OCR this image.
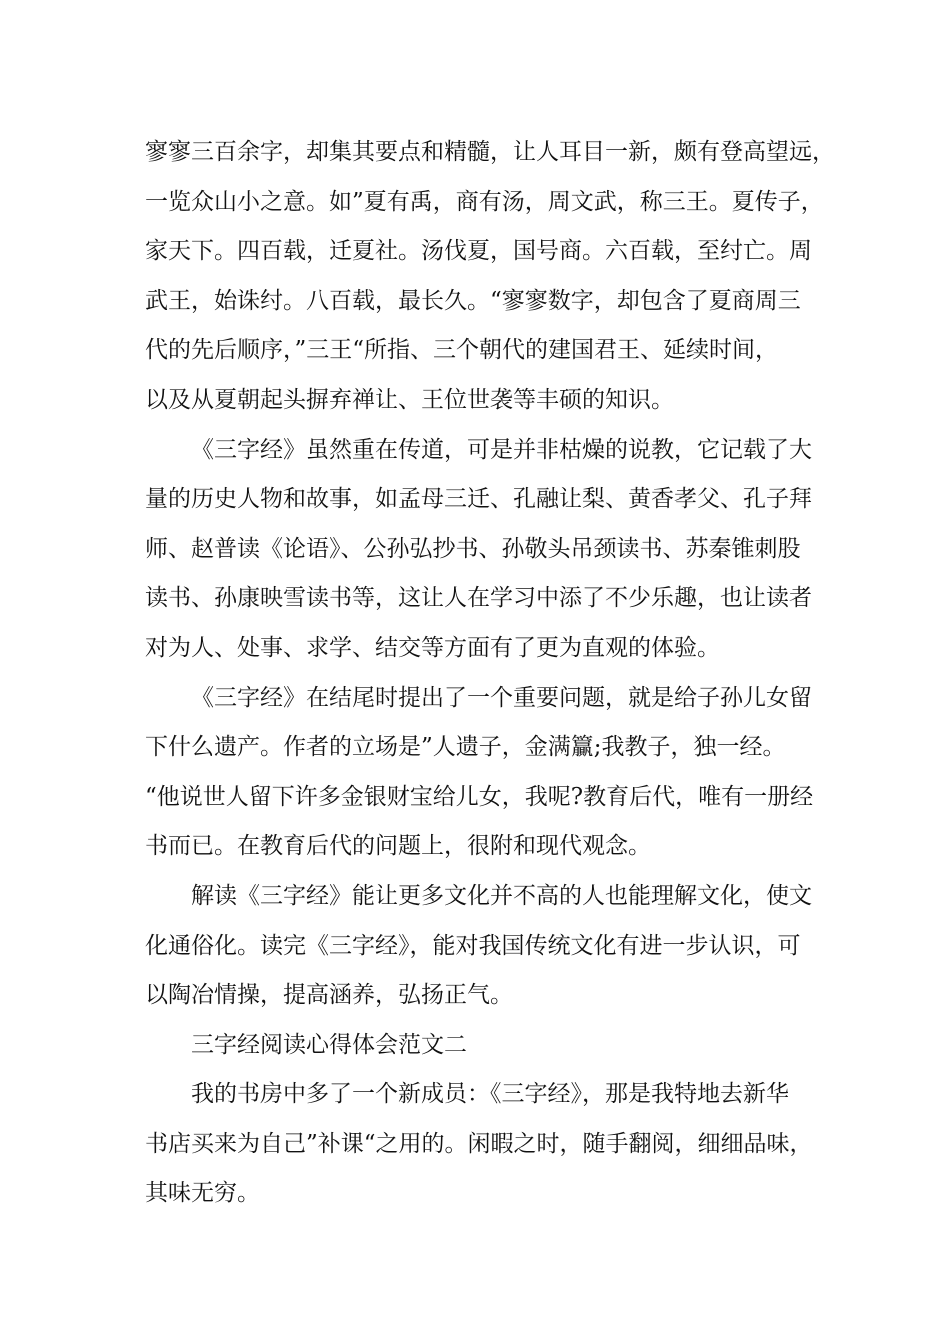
寥寥三百余字，却集其要点和精髓，让人耳目一新，颇有登高望远，
一览众山小之意。如”夏有禹，商有汤，周文武，称三王。夏传子，
家天下。四百载，迁夏社。汤伐夏，国号商。六百载，至纣亡。周
武王，始诛纣。八百载，最长久。“寥寥数字，却包含了夏商周三
代的先后顺序，”三王“所指、三个朝代的建国君王、延续时间，
以及从夏朝起头摒弃禅让、王位世袭等丰硕的知识。
《三字经》虽然重在传道，可是并非枯燥的说教，它记载了大
量的历史人物和故事，如孟母三迁、孔融让梨、黄香孝父、孔子拜
师、赵普读《论语》、公孙弘抄书、孙敬头吊颈读书、苏秦锥刺股
读书、孙康映雪读书等，这让人在学习中添了不少乐趣，也让读者
对为人、处事、求学、结交等方面有了更为直观的体验。
《三字经》在结尾时提出了一个重要问题，就是给子孙儿女留
下什么遗产。作者的立场是”人遗子，金满籯;我教子，独一经。
“他说世人留下许多金银财宝给儿女，我呢?教育后代，唯有一册经
书而已。在教育后代的问题上，很附和现代观念。
解读《三字经》能让更多文化并不高的人也能理解文化，使文
化通俗化。读完《三字经》，能对我国传统文化有进一步认识，可
以陶冶情操，提高涵养，弘扬正气。
三字经阅读心得体会范文二
我的书房中多了一个新成员：《三字经》，那是我特地去新华
书店买来为自己”补课“之用的。闲暇之时，随手翻阅，细细品味，
其味无穷。
